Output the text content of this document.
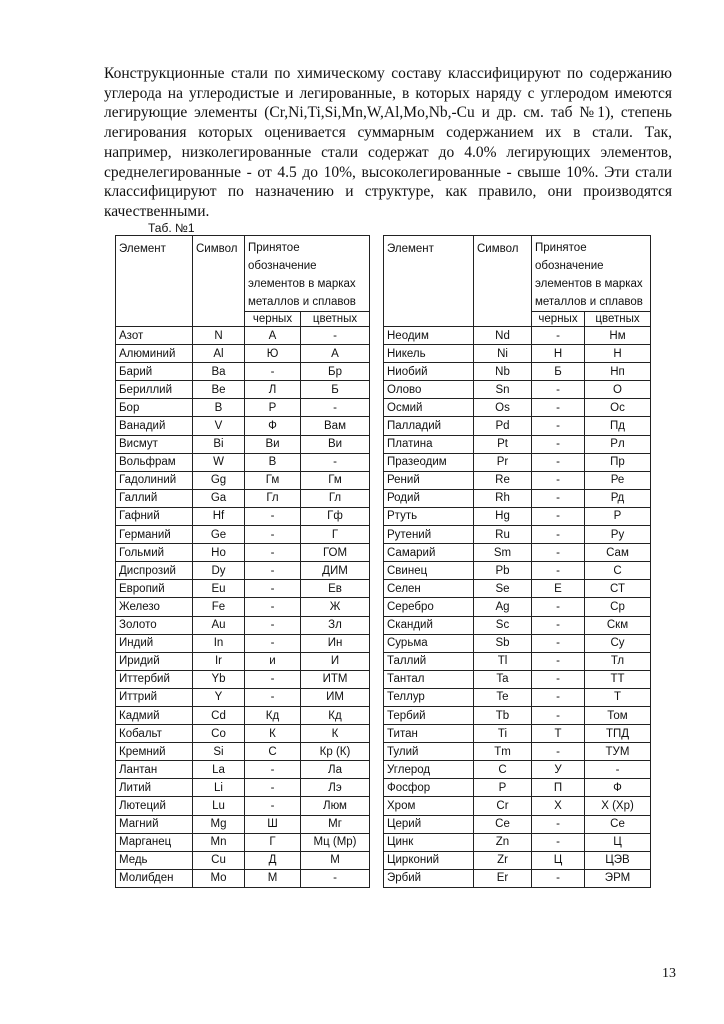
Конструкционные стали по химическому составу классифицируют по содержанию углерода на углеродистые и легированные, в которых наряду с углеродом имеются легирующие элементы (Cr,Ni,Ti,Si,Mn,W,Al,Mo,Nb,-Cu и др. см. таб №1), степень легирования которых оценивается суммарным содержанием их в стали. Так, например, низколегированные стали содержат до 4.0% легирующих элементов, среднелегированные - от 4.5 до 10%, высоколегированные - свыше 10%. Эти стали классифицируют по назначению и структуре, как правило, они производятся качественными.

Таб. №1
Элемент	Символ	Принятое обозначение элементов в марках металлов и сплавов	
		черных	цветных
Азот	N	А	-
Алюминий	Al	Ю	А
Барий	Ba	-	Бр
Бериллий	Be	Л	Б
Бор	B	Р	-
Ванадий	V	Ф	Вам
Висмут	Bi	Ви	Ви
Вольфрам	W	В	-
Гадолиний	Gg	Гм	Гм
Галлий	Ga	Гл	Гл
Гафний	Hf	-	Гф
Германий	Ge	-	Г
Гольмий	Ho	-	ГОМ
Диспрозий	Dy	-	ДИМ
Европий	Eu	-	Ев
Железо	Fe	-	Ж
Золото	Au	-	Зл
Индий	In	-	Ин
Иридий	Ir	и	И
Иттербий	Yb	-	ИТМ
Иттрий	Y	-	ИМ
Кадмий	Cd	Кд	Кд
Кобальт	Co	К	К
Кремний	Si	С	Кр (К)
Лантан	La	-	Ла
Литий	Li	-	Лэ
Лютеций	Lu	-	Люм
Магний	Mg	Ш	Мг
Марганец	Mn	Г	Мц (Мр)
Медь	Cu	Д	М
Молибден	Mo	М	-
Элемент	Символ	Принятое обозначение элементов в марках металлов и сплавов	
		черных	цветных
Неодим	Nd	-	Нм
Никель	Ni	Н	Н
Ниобий	Nb	Б	Нп
Олово	Sn	-	О
Осмий	Os	-	Ос
Палладий	Pd	-	Пд
Платина	Pt	-	Рл
Празеодим	Pr	-	Пр
Рений	Re	-	Ре
Родий	Rh	-	Рд
Ртуть	Hg	-	Р
Рутений	Ru	-	Ру
Самарий	Sm	-	Сам
Свинец	Pb	-	С
Селен	Se	Е	СТ
Серебро	Ag	-	Ср
Скандий	Sc	-	Скм
Сурьма	Sb	-	Су
Таллий	Tl	-	Тл
Тантал	Ta	-	ТТ
Теллур	Te	-	Т
Тербий	Tb	-	Том
Титан	Ti	Т	ТПД
Тулий	Tm	-	ТУМ
Углерод	C	У	-
Фосфор	P	П	Ф
Хром	Cr	Х	Х (Хр)
Церий	Ce	-	Се
Цинк	Zn	-	Ц
Цирконий	Zr	Ц	ЦЭВ
Эрбий	Er	-	ЭРМ
13
